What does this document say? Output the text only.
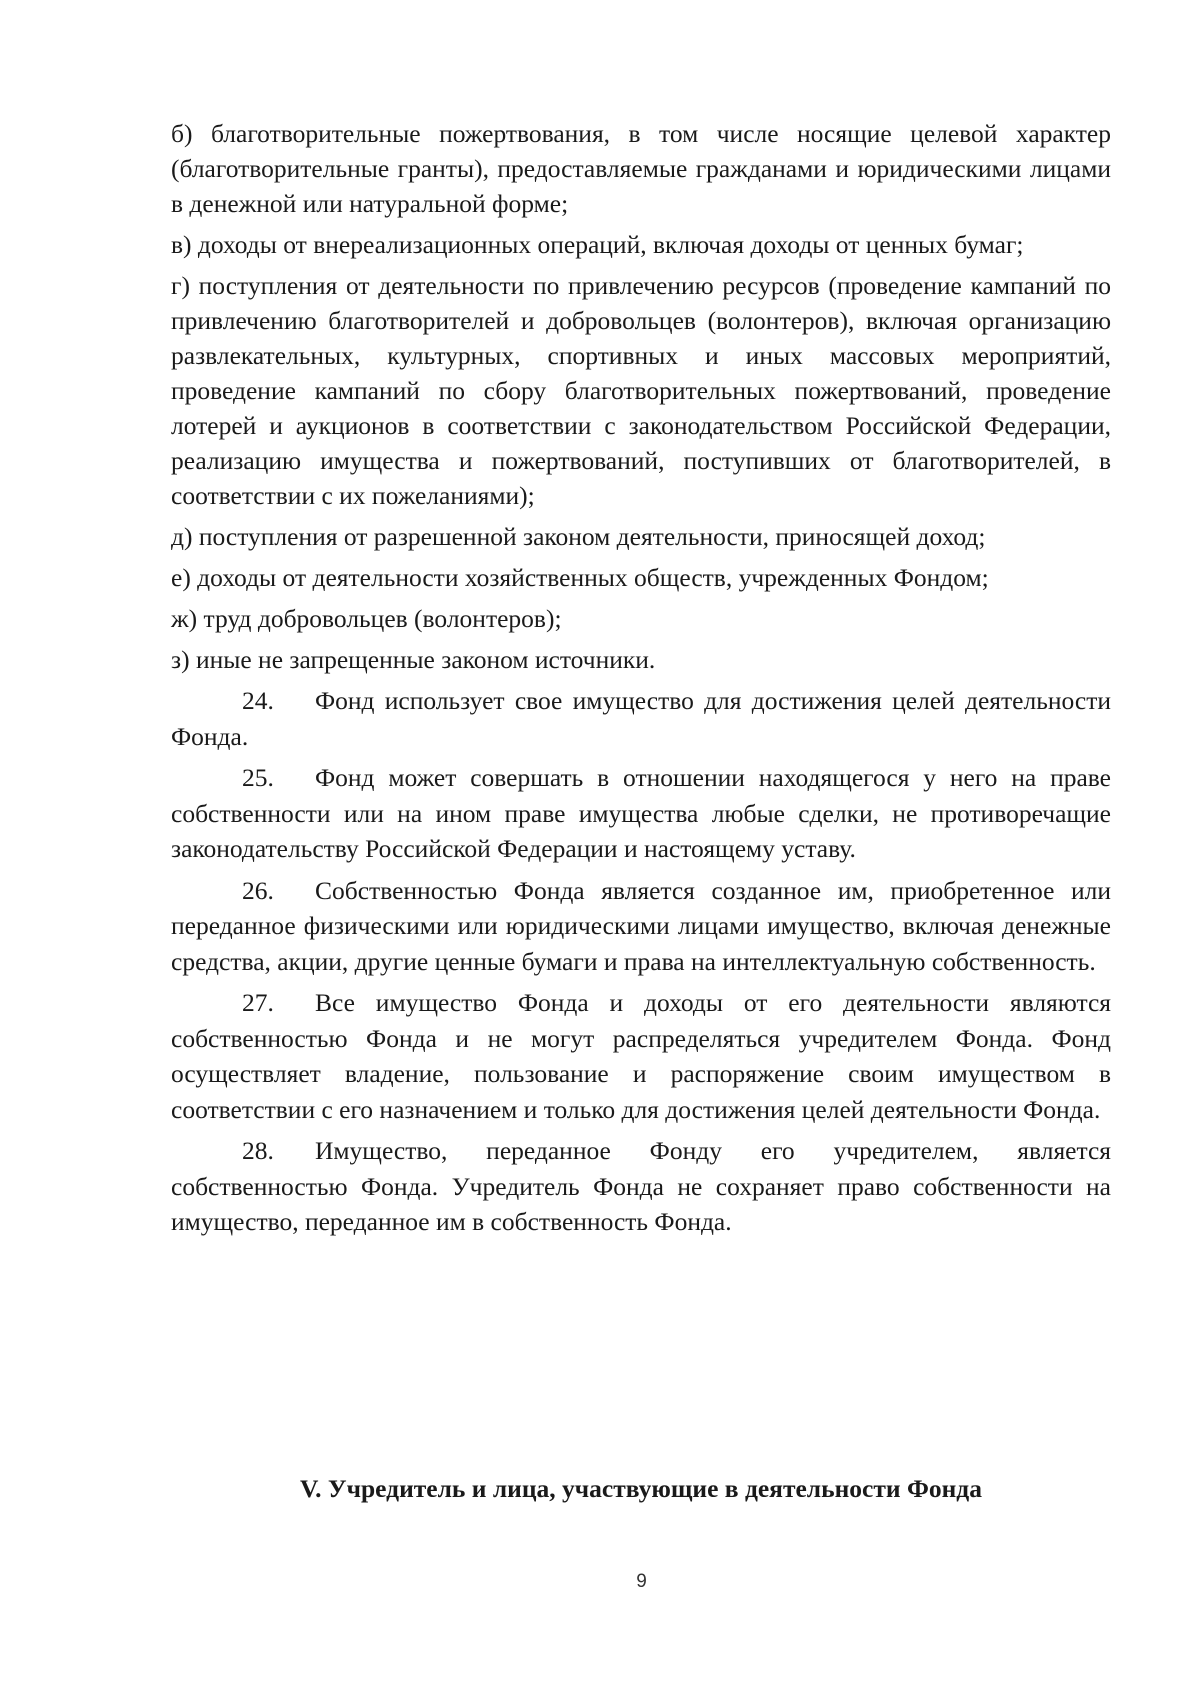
б) благотворительные пожертвования, в том числе носящие целевой характер (благотворительные гранты), предоставляемые гражданами и юридическими лицами в денежной или натуральной форме;

в) доходы от внереализационных операций, включая доходы от ценных бумаг;

г) поступления от деятельности по привлечению ресурсов (проведение кампаний по привлечению благотворителей и добровольцев (волонтеров), включая организацию развлекательных, культурных, спортивных и иных массовых мероприятий, проведение кампаний по сбору благотворительных пожертвований, проведение лотерей и аукционов в соответствии с законодательством Российской Федерации, реализацию имущества и пожертвований, поступивших от благотворителей, в соответствии с их пожеланиями);

д) поступления от разрешенной законом деятельности, приносящей доход;

е) доходы от деятельности хозяйственных обществ, учрежденных Фондом;

ж) труд добровольцев (волонтеров);

з) иные не запрещенные законом источники.

24. Фонд использует свое имущество для достижения целей деятельности Фонда.

25. Фонд может совершать в отношении находящегося у него на праве собственности или на ином праве имущества любые сделки, не противоречащие законодательству Российской Федерации и настоящему уставу.

26. Собственностью Фонда является созданное им, приобретенное или переданное физическими или юридическими лицами имущество, включая денежные средства, акции, другие ценные бумаги и права на интеллектуальную собственность.

27. Все имущество Фонда и доходы от его деятельности являются собственностью Фонда и не могут распределяться учредителем Фонда. Фонд осуществляет владение, пользование и распоряжение своим имуществом в соответствии с его назначением и только для достижения целей деятельности Фонда.

28. Имущество, переданное Фонду его учредителем, является собственностью Фонда. Учредитель Фонда не сохраняет право собственности на имущество, переданное им в собственность Фонда.

V. Учредитель и лица, участвующие в деятельности Фонда
9
